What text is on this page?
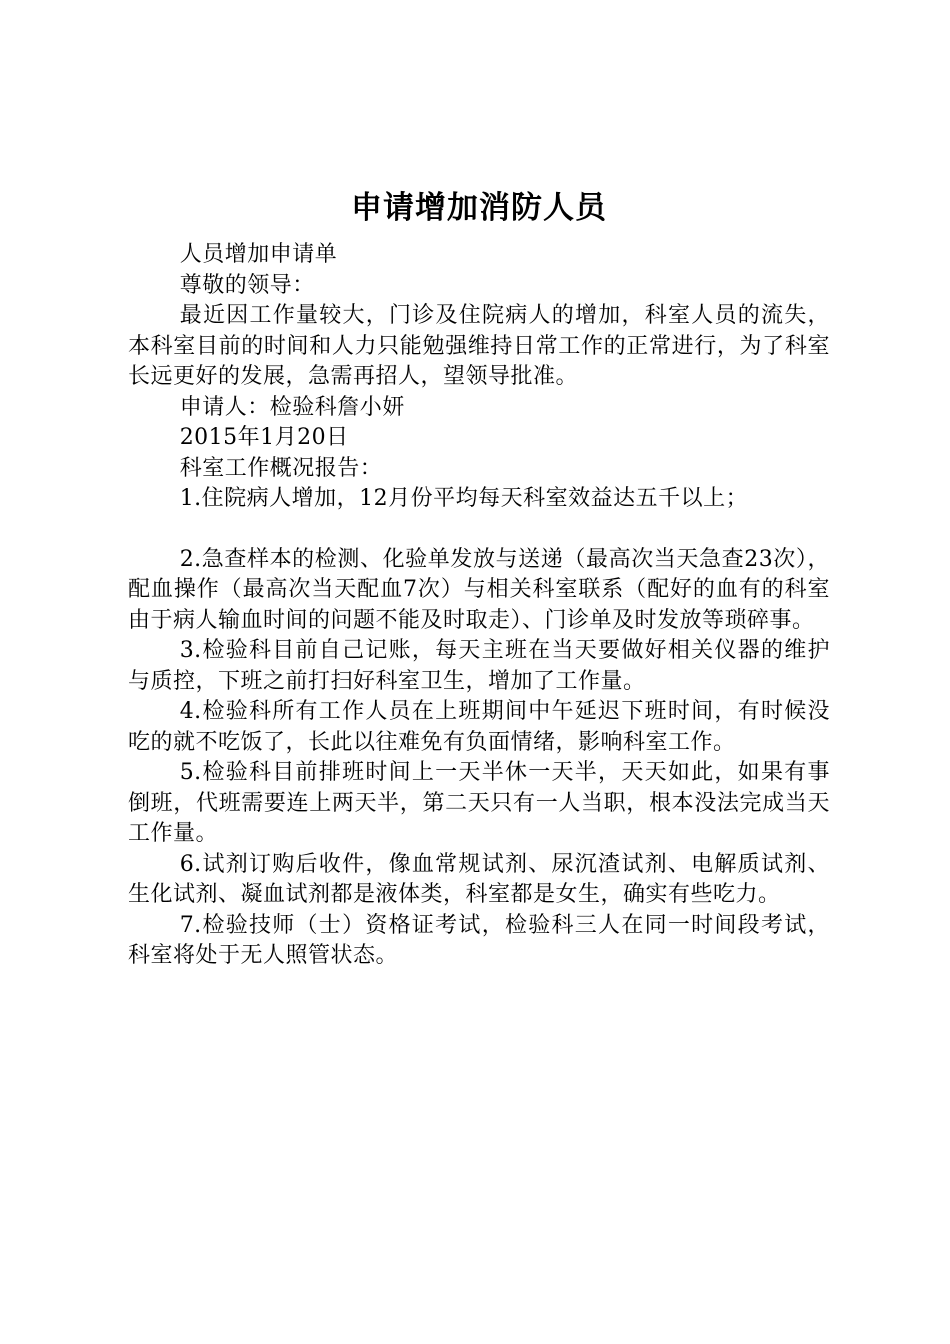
申请增加消防人员

人员增加申请单

尊敬的领导：

最近因工作量较大，门诊及住院病人的增加，科室人员的流失，本科室目前的时间和人力只能勉强维持日常工作的正常进行，为了科室长远更好的发展，急需再招人，望领导批准。

申请人：检验科詹小妍

2015年1月20日

科室工作概况报告：

1.住院病人增加，12月份平均每天科室效益达五千以上；

2.急查样本的检测、化验单发放与送递（最高次当天急查23次），配血操作（最高次当天配血7次）与相关科室联系（配好的血有的科室由于病人输血时间的问题不能及时取走）、门诊单及时发放等琐碎事。

3.检验科目前自己记账，每天主班在当天要做好相关仪器的维护与质控，下班之前打扫好科室卫生，增加了工作量。

4.检验科所有工作人员在上班期间中午延迟下班时间，有时候没吃的就不吃饭了，长此以往难免有负面情绪，影响科室工作。

5.检验科目前排班时间上一天半休一天半，天天如此，如果有事倒班，代班需要连上两天半，第二天只有一人当职，根本没法完成当天工作量。

6.试剂订购后收件，像血常规试剂、尿沉渣试剂、电解质试剂、生化试剂、凝血试剂都是液体类，科室都是女生，确实有些吃力。

7.检验技师（士）资格证考试，检验科三人在同一时间段考试，科室将处于无人照管状态。
